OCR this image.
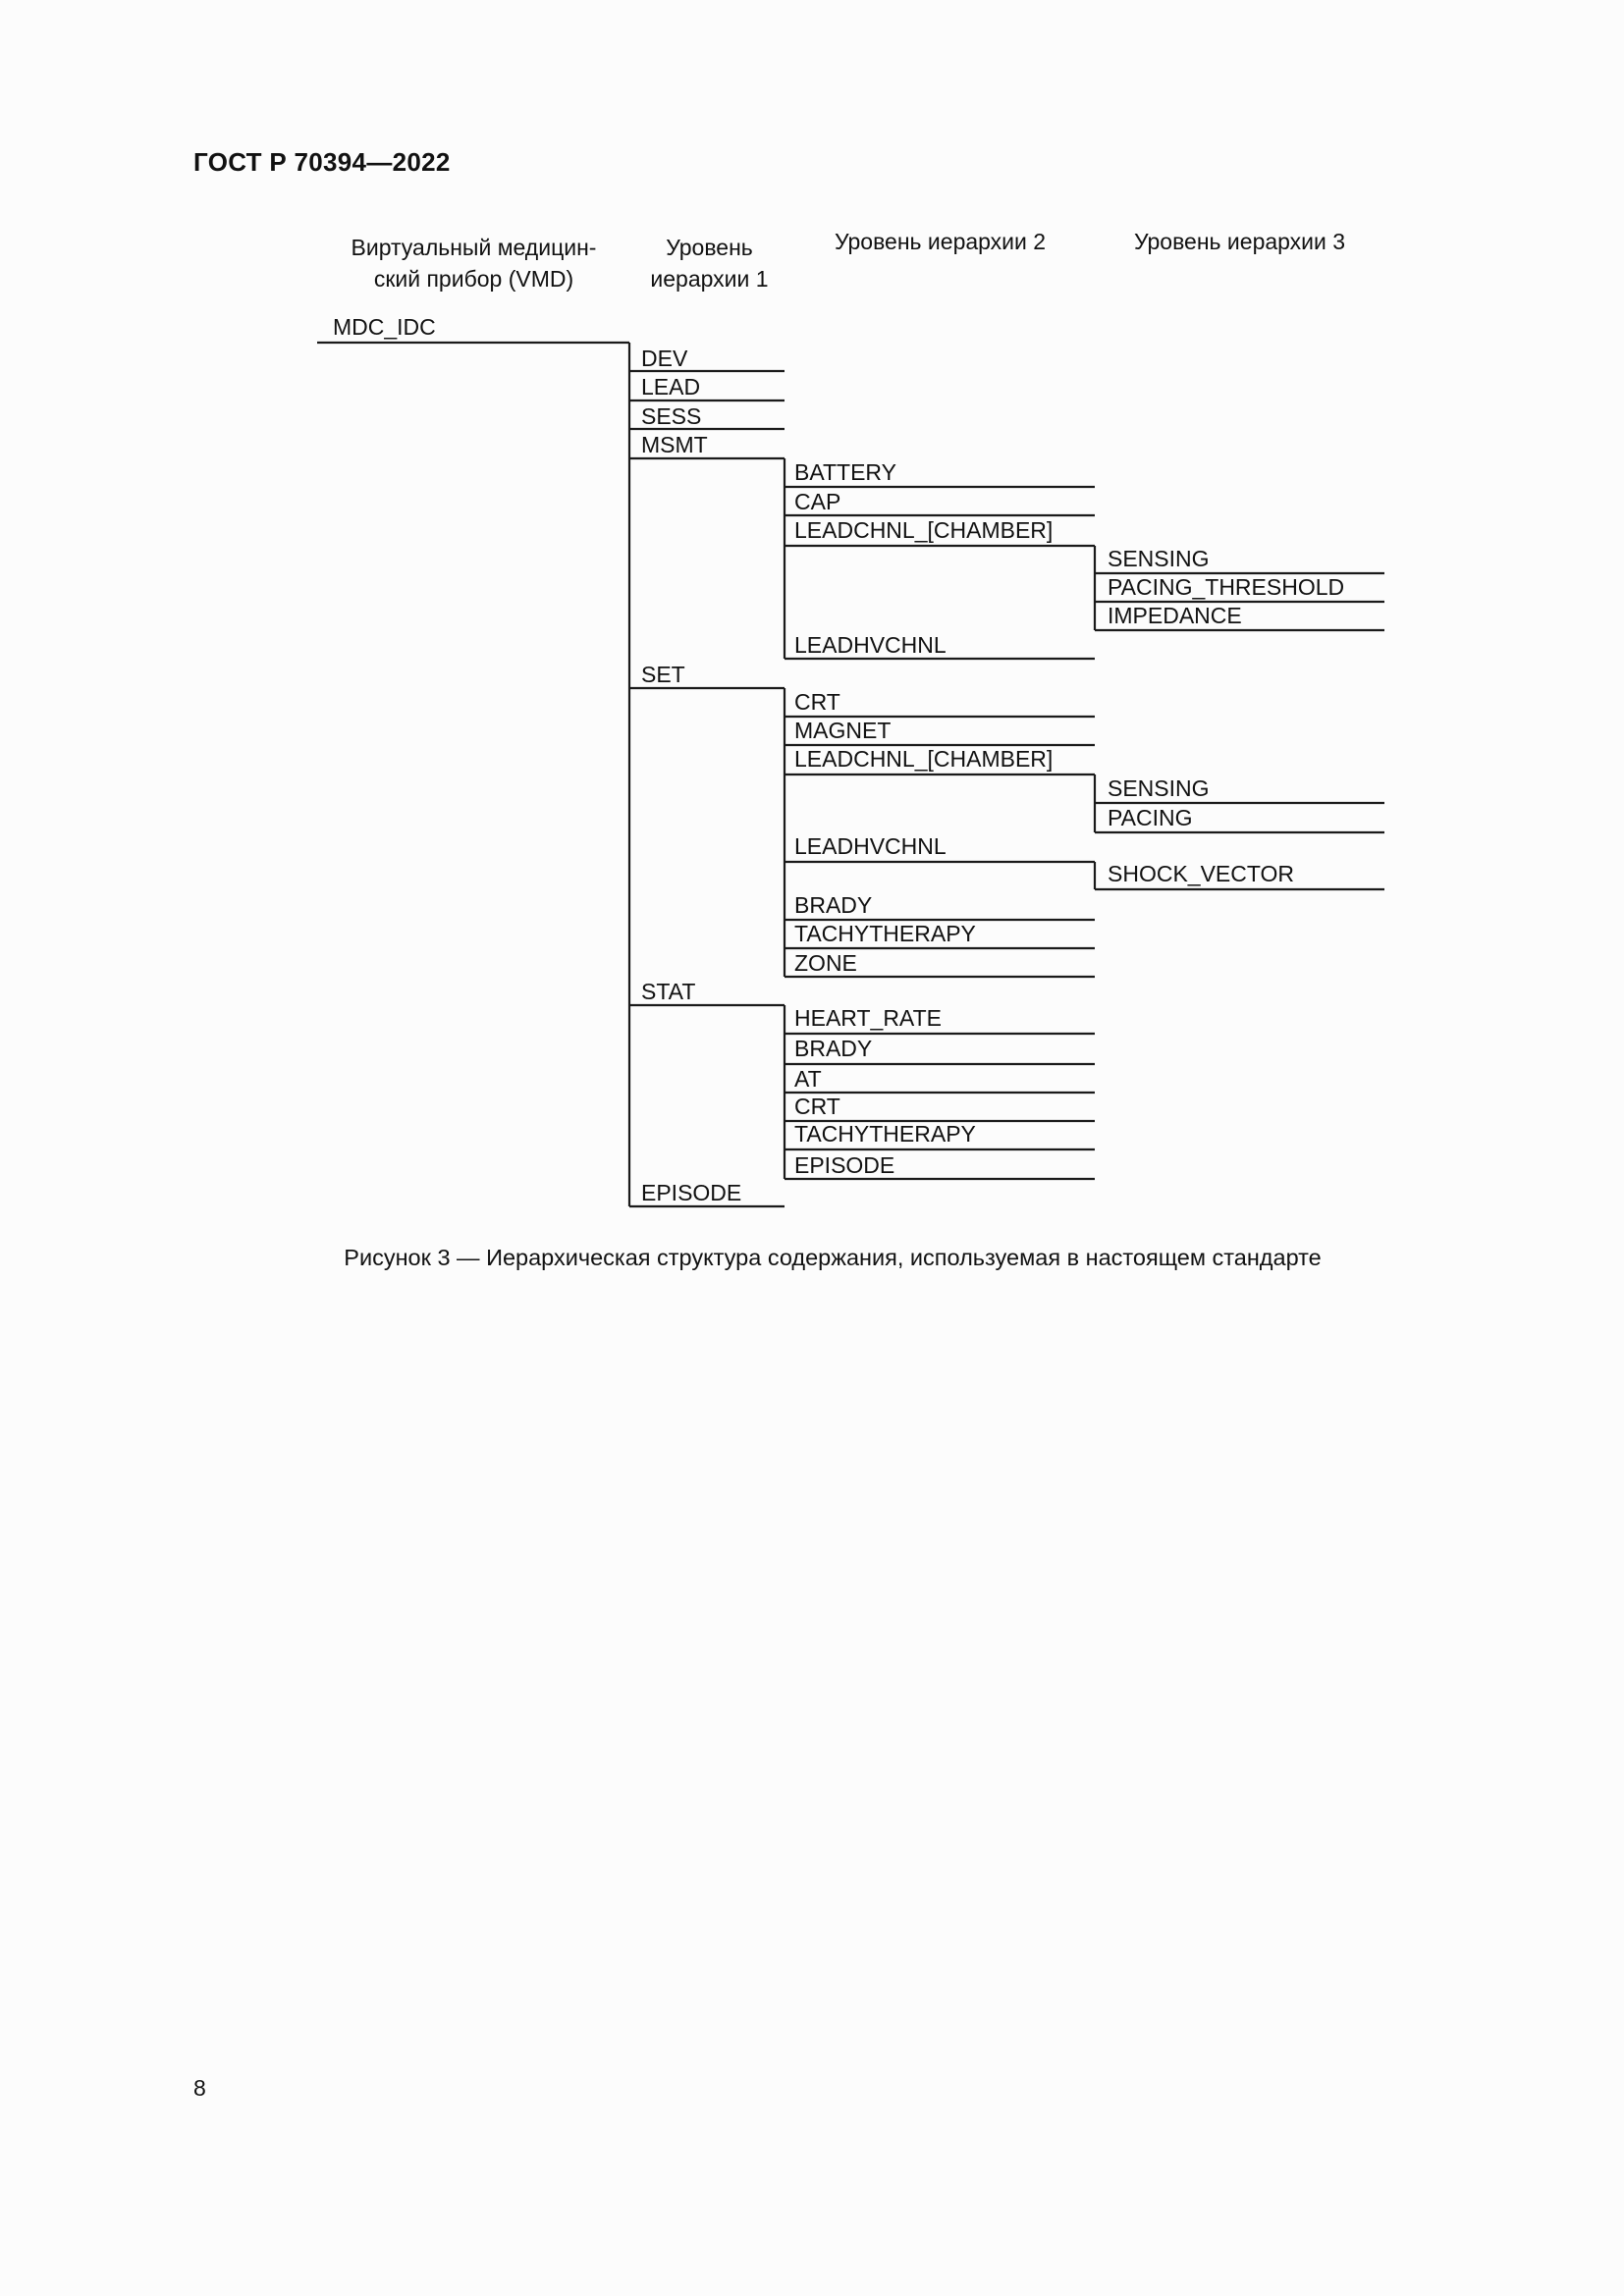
ГОСТ Р 70394—2022
Виртуальный медицин-
ский прибор (VMD)
Уровень
иерархии 1
Уровень иерархии 2	Уровень иерархии 3
MDC_IDC
DEV
LEAD
SESS
MSMT
SET
STAT
EPISODE
BATTERY
CAP
LEADCHNL_[CHAMBER]
LEADHVCHNL
SENSING
PACING_THRESHOLD
IMPEDANCE
CRT
MAGNET
LEADCHNL_[CHAMBER]
LEADHVCHNL
BRADY
TACHYTHERAPY
ZONE
SENSING
PACING
SHOCK_VECTOR
HEART_RATE
BRADY
AT
CRT
TACHYTHERAPY
EPISODE
Рисунок 3 — Иерархическая структура содержания, используемая в настоящем стандарте
8
